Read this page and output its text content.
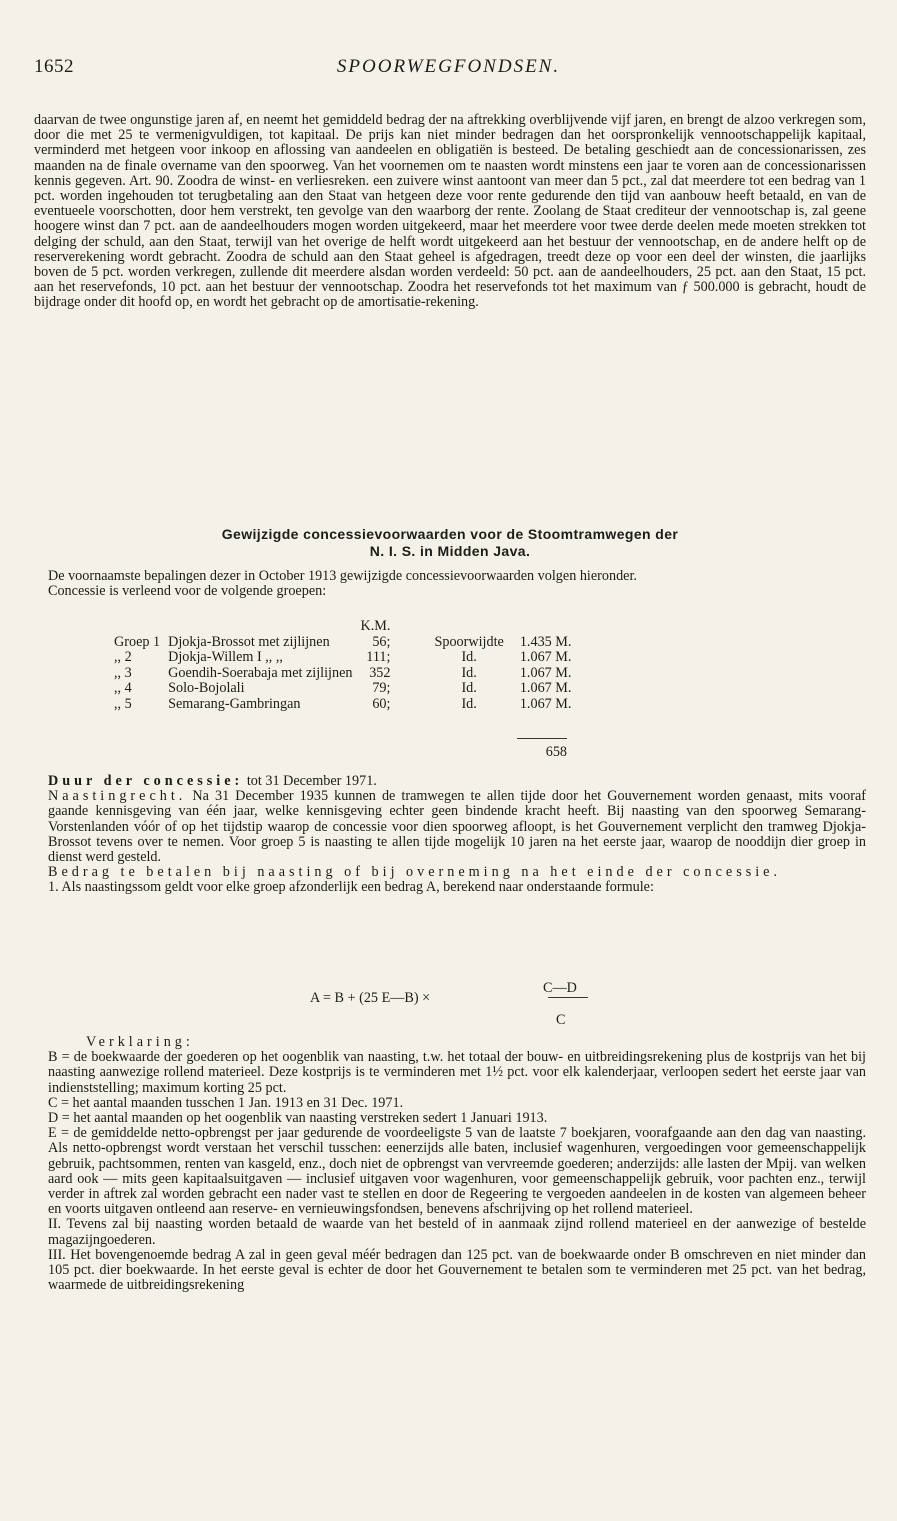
1652	SPOORWEGFONDSEN.

daarvan de twee ongunstige jaren af, en neemt het gemiddeld bedrag der na aftrekking overblijvende vijf jaren, en brengt de alzoo verkregen som, door die met 25 te vermenigvuldigen, tot kapitaal. De prijs kan niet minder bedragen dan het oorspronkelijk vennootschappelijk kapitaal, verminderd met hetgeen voor inkoop en aflossing van aandeelen en obligatiën is besteed. De betaling geschiedt aan de concessionarissen, zes maanden na de finale overname van den spoorweg. Van het voornemen om te naasten wordt minstens een jaar te voren aan de concessionarissen kennis gegeven. Art. 90. Zoodra de winst- en verliesreken. een zuivere winst aantoont van meer dan 5 pct., zal dat meerdere tot een bedrag van 1 pct. worden ingehouden tot terugbetaling aan den Staat van hetgeen deze voor rente gedurende den tijd van aanbouw heeft betaald, en van de eventueele voorschotten, door hem verstrekt, ten gevolge van den waarborg der rente. Zoolang de Staat crediteur der vennootschap is, zal geene hoogere winst dan 7 pct. aan de aandeelhouders mogen worden uitgekeerd, maar het meerdere voor twee derde deelen mede moeten strekken tot delging der schuld, aan den Staat, terwijl van het overige de helft wordt uitgekeerd aan het bestuur der vennootschap, en de andere helft op de reserverekening wordt gebracht. Zoodra de schuld aan den Staat geheel is afgedragen, treedt deze op voor een deel der winsten, die jaarlijks boven de 5 pct. worden verkregen, zullende dit meerdere alsdan worden verdeeld: 50 pct. aan de aandeelhouders, 25 pct. aan den Staat, 15 pct. aan het reservefonds, 10 pct. aan het bestuur der vennootschap. Zoodra het reservefonds tot het maximum van ƒ 500.000 is gebracht, houdt de bijdrage onder dit hoofd op, en wordt het gebracht op de amortisatie-rekening.

Gewijzigde concessievoorwaarden voor de Stoomtramwegen der
N. I. S. in Midden Java.

De voornaamste bepalingen dezer in October 1913 gewijzigde concessievoorwaarden volgen hieronder.

Concessie is verleend voor de volgende groepen:

		K.M.		
Groep 1	Djokja-Brossot met zijlijnen	56;	Spoorwijdte	1.435 M.
,, 2	Djokja-Willem I ,, ,,	111;	Id.	1.067 M.
,, 3	Goendih-Soerabaja met zijlijnen	352	Id.	1.067 M.
,, 4	Solo-Bojolali	79;	Id.	1.067 M.
,, 5	Semarang-Gambringan	60;	Id.	1.067 M.
658

Duur der concessie: tot 31 December 1971.

Naastingrecht. Na 31 December 1935 kunnen de tramwegen te allen tijde door het Gouvernement worden genaast, mits vooraf gaande kennisgeving van één jaar, welke kennisgeving echter geen bindende kracht heeft. Bij naasting van den spoorweg Semarang-Vorstenlanden vóór of op het tijdstip waarop de concessie voor dien spoorweg afloopt, is het Gouvernement verplicht den tramweg Djokja-Brossot tevens over te nemen. Voor groep 5 is naasting te allen tijde mogelijk 10 jaren na het eerste jaar, waarop de nooddijn dier groep in dienst werd gesteld.

Bedrag te betalen bij naasting of bij overneming na het einde der concessie.

1. Als naastingssom geldt voor elke groep afzonderlijk een bedrag A, berekend naar onderstaande formule:

C—D
A = B + (25 E—B) ×
C

Verklaring:

B = de boekwaarde der goederen op het oogenblik van naasting, t.w. het totaal der bouw- en uitbreidingsrekening plus de kostprijs van het bij naasting aanwezige rollend materieel. Deze kostprijs is te verminderen met 1½ pct. voor elk kalenderjaar, verloopen sedert het eerste jaar van indienststelling; maximum korting 25 pct.

C = het aantal maanden tusschen 1 Jan. 1913 en 31 Dec. 1971.

D = het aantal maanden op het oogenblik van naasting verstreken sedert 1 Januari 1913.

E = de gemiddelde netto-opbrengst per jaar gedurende de voordeeligste 5 van de laatste 7 boekjaren, voorafgaande aan den dag van naasting. Als netto-opbrengst wordt verstaan het verschil tusschen: eenerzijds alle baten, inclusief wagenhuren, vergoedingen voor gemeenschappelijk gebruik, pachtsommen, renten van kasgeld, enz., doch niet de opbrengst van vervreemde goederen; anderzijds: alle lasten der Mpij. van welken aard ook — mits geen kapitaalsuitgaven — inclusief uitgaven voor wagenhuren, voor gemeenschappelijk gebruik, voor pachten enz., terwijl verder in aftrek zal worden gebracht een nader vast te stellen en door de Regeering te vergoeden aandeelen in de kosten van algemeen beheer en voorts uitgaven ontleend aan reserve- en vernieuwingsfondsen, benevens afschrijving op het rollend materieel.

II. Tevens zal bij naasting worden betaald de waarde van het besteld of in aanmaak zijnd rollend materieel en der aanwezige of bestelde magazijngoederen.

III. Het bovengenoemde bedrag A zal in geen geval méér bedragen dan 125 pct. van de boekwaarde onder B omschreven en niet minder dan 105 pct. dier boekwaarde. In het eerste geval is echter de door het Gouvernement te betalen som te verminderen met 25 pct. van het bedrag, waarmede de uitbreidingsrekening
